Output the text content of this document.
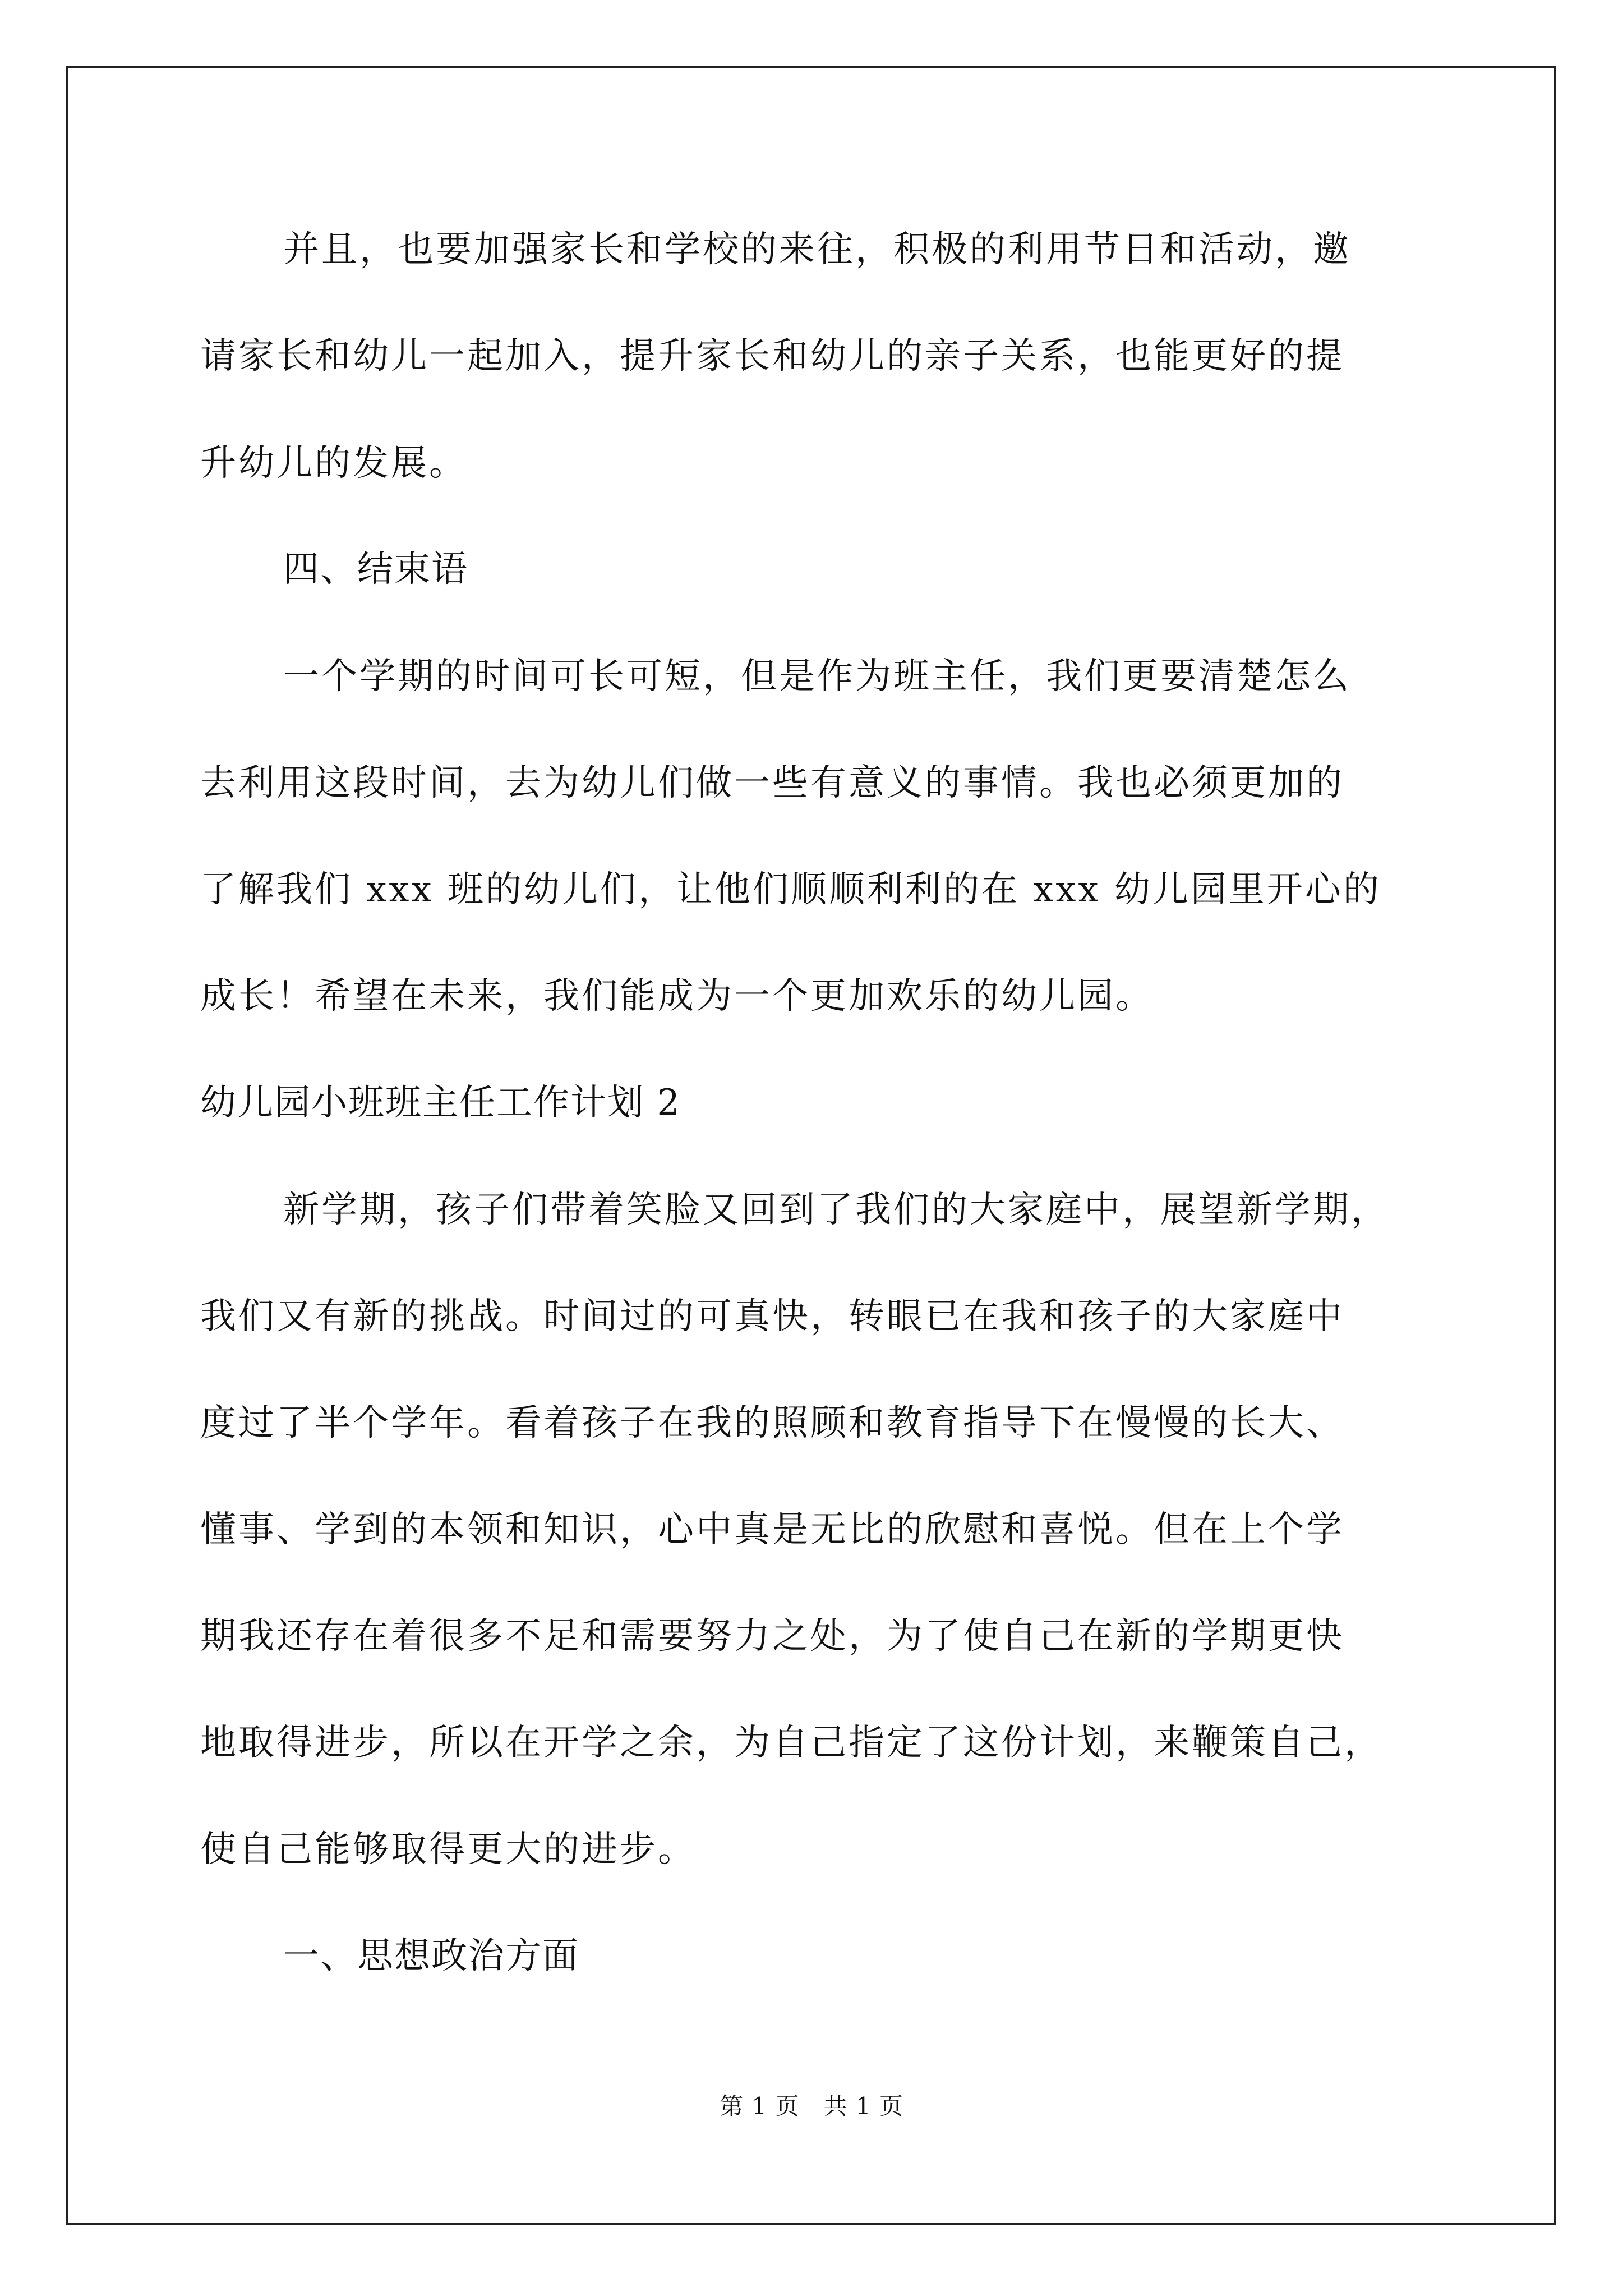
并且，也要加强家长和学校的来往，积极的利用节日和活动，邀
请家长和幼儿一起加入，提升家长和幼儿的亲子关系，也能更好的提
升幼儿的发展。
四、结束语
一个学期的时间可长可短，但是作为班主任，我们更要清楚怎么
去利用这段时间，去为幼儿们做一些有意义的事情。我也必须更加的
了解我们 xxx 班的幼儿们，让他们顺顺利利的在 xxx 幼儿园里开心的
成长！希望在未来，我们能成为一个更加欢乐的幼儿园。
幼儿园小班班主任工作计划 2
新学期，孩子们带着笑脸又回到了我们的大家庭中，展望新学期，
我们又有新的挑战。时间过的可真快，转眼已在我和孩子的大家庭中
度过了半个学年。看着孩子在我的照顾和教育指导下在慢慢的长大、
懂事、学到的本领和知识，心中真是无比的欣慰和喜悦。但在上个学
期我还存在着很多不足和需要努力之处，为了使自己在新的学期更快
地取得进步，所以在开学之余，为自己指定了这份计划，来鞭策自己，
使自己能够取得更大的进步。
一、思想政治方面
第 1 页　共 1 页
